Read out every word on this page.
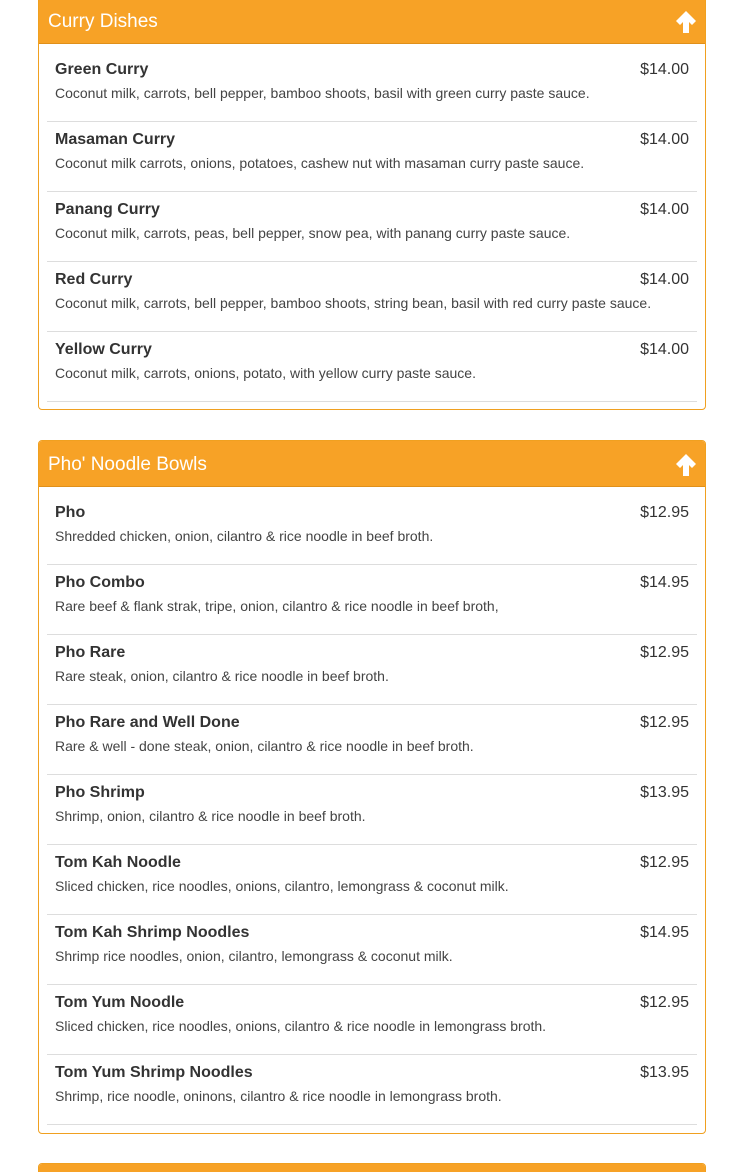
Curry Dishes
Green Curry	$14.00
Coconut milk, carrots, bell pepper, bamboo shoots, basil with green curry paste sauce.
Masaman Curry	$14.00
Coconut milk carrots, onions, potatoes, cashew nut with masaman curry paste sauce.
Panang Curry	$14.00
Coconut milk, carrots, peas, bell pepper, snow pea, with panang curry paste sauce.
Red Curry	$14.00
Coconut milk, carrots, bell pepper, bamboo shoots, string bean, basil with red curry paste sauce.
Yellow Curry	$14.00
Coconut milk, carrots, onions, potato, with yellow curry paste sauce.
Pho' Noodle Bowls
Pho	$12.95
Shredded chicken, onion, cilantro & rice noodle in beef broth.
Pho Combo	$14.95
Rare beef & flank strak, tripe, onion, cilantro & rice noodle in beef broth,
Pho Rare	$12.95
Rare steak, onion, cilantro & rice noodle in beef broth.
Pho Rare and Well Done	$12.95
Rare & well - done steak, onion, cilantro & rice noodle in beef broth.
Pho Shrimp	$13.95
Shrimp, onion, cilantro & rice noodle in beef broth.
Tom Kah Noodle	$12.95
Sliced chicken, rice noodles, onions, cilantro, lemongrass & coconut milk.
Tom Kah Shrimp Noodles	$14.95
Shrimp rice noodles, onion, cilantro, lemongrass & coconut milk.
Tom Yum Noodle	$12.95
Sliced chicken, rice noodles, onions, cilantro & rice noodle in lemongrass broth.
Tom Yum Shrimp Noodles	$13.95
Shrimp, rice noodle, oninons, cilantro & rice noodle in lemongrass broth.
